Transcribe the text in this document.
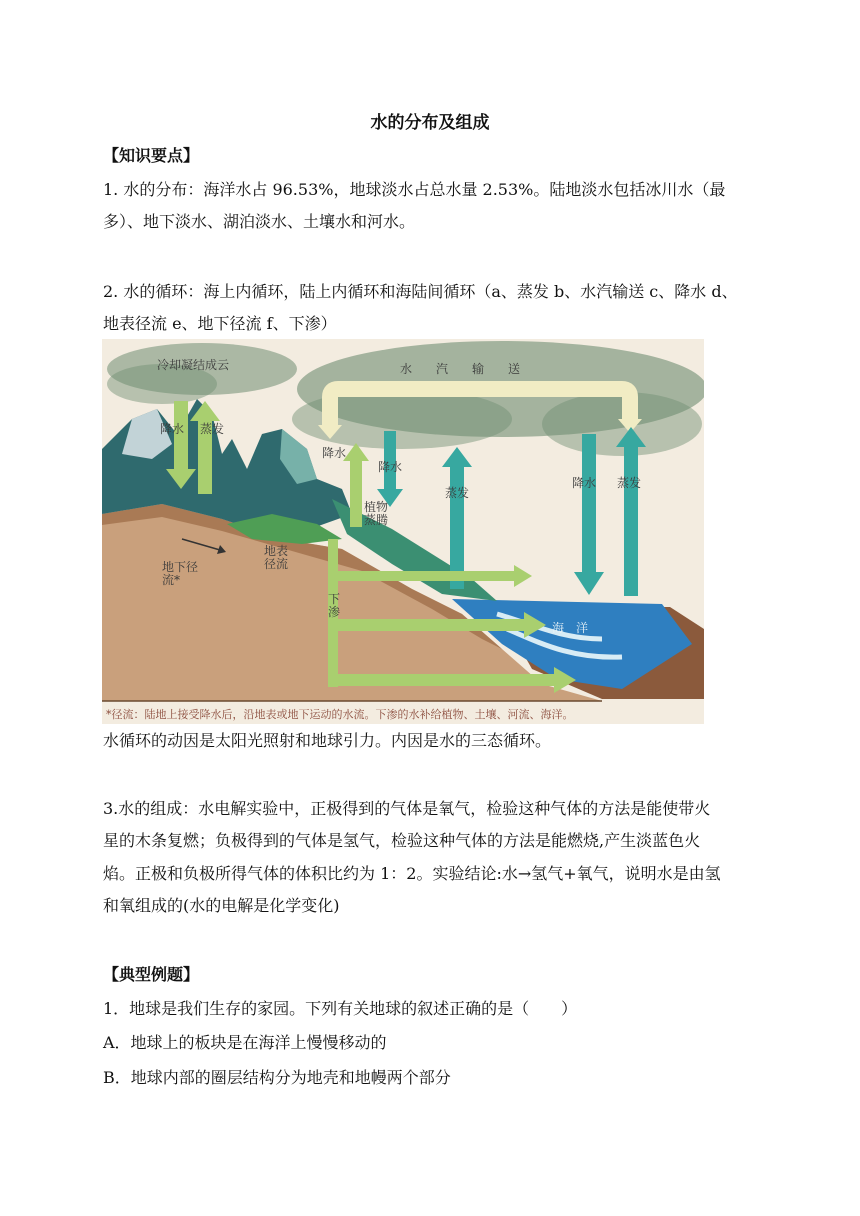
水的分布及组成
【知识要点】
1. 水的分布：海洋水占 96.53%，地球淡水占总水量 2.53%。陆地淡水包括冰川水（最
多）、地下淡水、湖泊淡水、土壤水和河水。
2. 水的循环：海上内循环，陆上内循环和海陆间循环（a、蒸发 b、水汽输送 c、降水 d、
地表径流 e、地下径流 f、下渗）
冷却凝结成云	水　　汽　　输　　送
降水 蒸发
降水
降水
蒸发
降水 蒸发
植物蒸腾
地下径流*
地表径流
下渗
海　洋
*径流：陆地上接受降水后，沿地表或地下运动的水流。下渗的水补给植物、土壤、河流、海洋。
水循环的动因是太阳光照射和地球引力。内因是水的三态循环。
3.水的组成：水电解实验中，正极得到的气体是氧气，检验这种气体的方法是能使带火
星的木条复燃；负极得到的气体是氢气，检验这种气体的方法是能燃烧,产生淡蓝色火
焰。正极和负极所得气体的体积比约为 1：2。实验结论:水→氢气+氧气，说明水是由氢
和氧组成的(水的电解是化学变化)
【典型例题】
1．地球是我们生存的家园。下列有关地球的叙述正确的是（　　）
A．地球上的板块是在海洋上慢慢移动的
B．地球内部的圈层结构分为地壳和地幔两个部分
